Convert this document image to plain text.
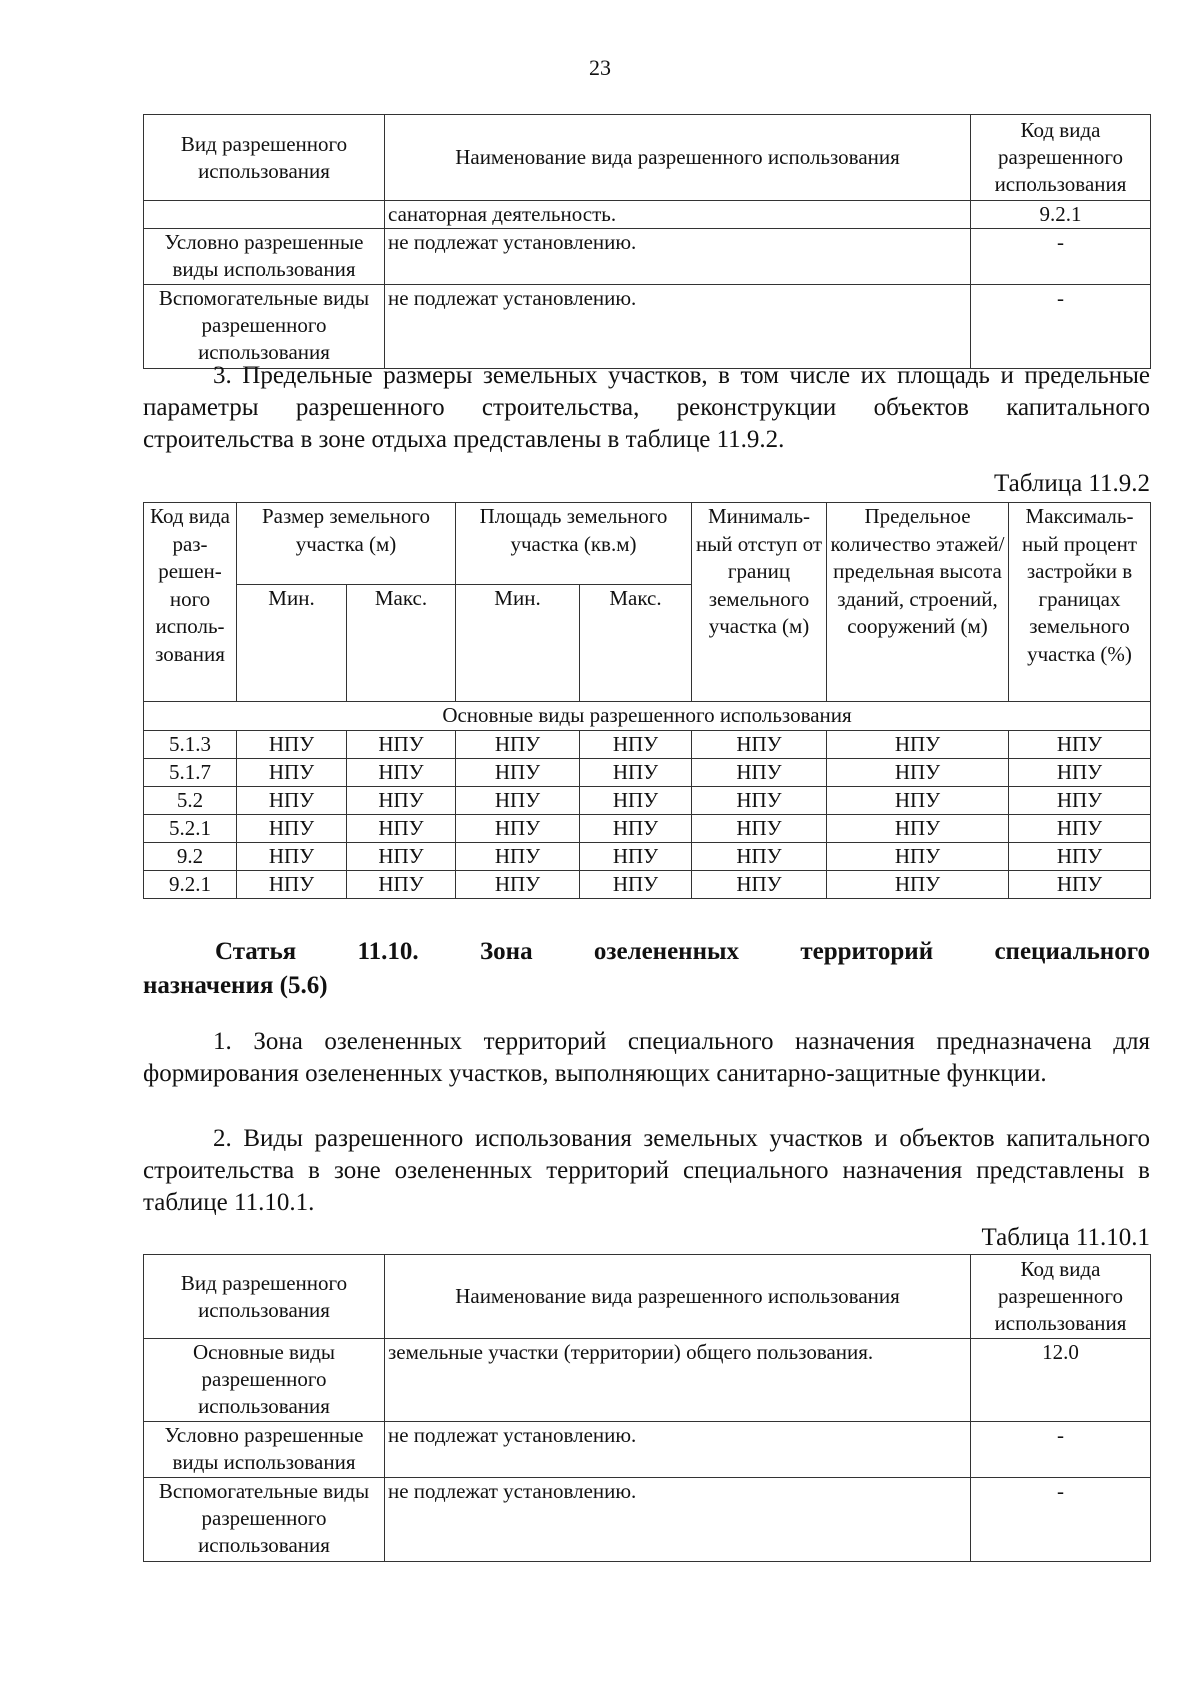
23
Вид разрешенного использования	Наименование вида разрешенного использования	Код вида разрешенного использования
	санаторная деятельность.	9.2.1
Условно разрешенные виды использования	не подлежат установлению.	-
Вспомогательные виды разрешенного использования	не подлежат установлению.	-

3. Предельные размеры земельных участков, в том числе их площадь и предельные параметры разрешенного строительства, реконструкции объектов капитального строительства в зоне отдыха представлены в таблице 11.9.2.

Таблица 11.9.2
Код вида раз- решен- ного исполь- зования	Размер земельного участка (м)		Площадь земельного участка (кв.м)		Минималь- ный отступ от границ земельного участка (м)	Предельное количество этажей/ предельная высота зданий, строений, сооружений (м)	Максималь- ный процент застройки в границах земельного участка (%)
	Мин.	Макс.	Мин.	Макс.			
Основные виды разрешенного использования							
5.1.3	НПУ	НПУ	НПУ	НПУ	НПУ	НПУ	НПУ
5.1.7	НПУ	НПУ	НПУ	НПУ	НПУ	НПУ	НПУ
5.2	НПУ	НПУ	НПУ	НПУ	НПУ	НПУ	НПУ
5.2.1	НПУ	НПУ	НПУ	НПУ	НПУ	НПУ	НПУ
9.2	НПУ	НПУ	НПУ	НПУ	НПУ	НПУ	НПУ
9.2.1	НПУ	НПУ	НПУ	НПУ	НПУ	НПУ	НПУ
Статья 11.10. Зона озелененных территорий специального
назначения (5.6)

1. Зона озелененных территорий специального назначения предназначена для формирования озелененных участков, выполняющих санитарно-защитные функции.

2. Виды разрешенного использования земельных участков и объектов капитального строительства в зоне озелененных территорий специального назначения представлены в таблице 11.10.1.

Таблица 11.10.1
Вид разрешенного использования	Наименование вида разрешенного использования	Код вида разрешенного использования
Основные виды разрешенного использования	земельные участки (территории) общего пользования.	12.0
Условно разрешенные виды использования	не подлежат установлению.	-
Вспомогательные виды разрешенного использования	не подлежат установлению.	-
